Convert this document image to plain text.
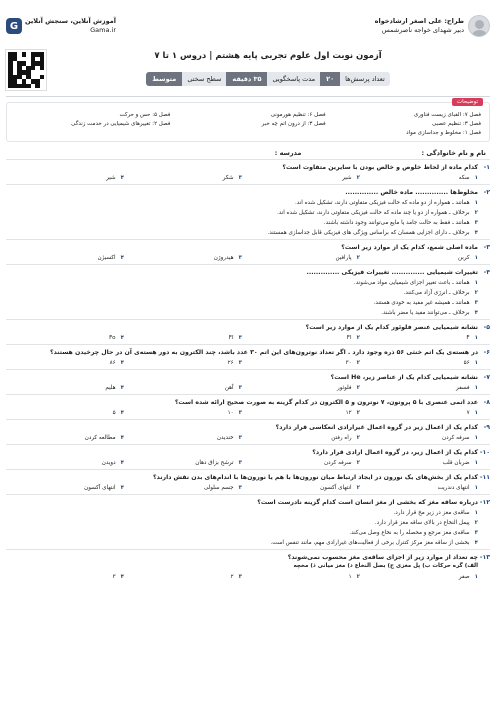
طراح: علی اصغر ارشادخواه
دبیر شهدای خواجه ناصرشمس
G	آموزش آنلاین، سنجش آنلاین
Gama.ir
آزمون نوبت اول علوم تجربی پایه هشتم | دروس ۱ تا ۷
تعداد پرسش‌ها
۲۰
مدت پاسخگویی
۳۵ دقیقه
سطح سختی
متوسط
توضیحات
فصل ۷: الفبای زیست فناوری
فصل ۶: تنظیم هورمونی
فصل ۵: حس و حرکت
فصل ۳: تنظیم عصبی
فصل ۳: از درون اتم چه خبر
فصل ۲: تغییرهای شیمیایی در خدمت زندگی
فصل ۱: مخلوط و جداسازی مواد
نام و نام خانوادگی :
مدرسه :
۱-
کدام ماده از لحاظ خلوص و خالص بودن با سایرین متفاوت است؟
۱
سکه
۲
شیر
۳
شکر
۴
شیر
۲-
مخلوط‌ها .............. ماده خالص ..............
۱
همانند ـ همواره از دو ماده که حالت فیزیکی متفاوتی دارند، تشکیل شده اند.
۲
برخلاف ـ همواره از دو یا چند ماده که حالت فیزیکی متفاوتی دارند، تشکیل شده اند.
۳
همانند ـ فقط به حالت جامد یا مایع می‌توانند وجود داشته باشند.
۴
برخلاف ـ دارای اجزایی همسان که براساس ویژگی های فیزیکی قابل جداسازی همستند.
۳-
ماده اصلی شمع، کدام یک از موارد زیر است؟
۱
کربن
۲
پارافین
۳
هیدروژن
۴
اکسیژن
۴-
تغییرات شیمیایی .............. تغییرات فیزیکی ..............
۱
همانند ـ باعث تغییر اجزای شیمیایی مواد می‌شوند.
۲
برخلاف ـ انرژی آزاد می‌کنند.
۳
همانند ـ همیشه غیر مفید به خودی هستند.
۴
برخلاف ـ می‌توانند مفید یا مضر باشند.
۵-
نشانه شیمیایی عنصر فلوئور کدام یک از موارد زیر است؟
۱
F
۲
Fl
۳
Fl
۴
Fo
۶-
در هسته‌ی یک اتم خنثی ۵۶ ذره وجود دارد . اگر تعداد نوترون‌های این اتم ۳۰ عدد باشد، چند الکترون به دور هسته‌ی آن در حال چرخیدن هستند؟
۱
۵۶
۲
۳۰
۳
۲۶
۴
۸۶
۷-
نشانه شیمیایی کدام یک از عناصر زیر، He است؟
۱
فسفر
۲
فلوئور
۳
آهن
۴
هلیم
۸-
عدد اتمی عنصری با ۵ پروتون، ۷ نوترون و ۵ الکترون در کدام گزینه به صورت صحیح ارائه شده است؟
۱
۷
۲
۱۲
۳
۱۰
۴
۵
۹-
کدام یک از اعمال زیر در گروه اعمال غیرارادی انعکاسی قرار دارد؟
۱
سرفه کردن
۲
راه رفتن
۳
خندیدن
۴
مطالعه کردن
۱۰-
کدام یک از اعمال زیر، در گروه اعمال ارادی قرار دارد؟
۱
ضربان قلب
۲
سرفه کردن
۳
ترشح بزاق دهان
۴
دویدن
۱۱-
کدام یک از بخش‌های یک نورون در ایجاد ارتباط میان نورون‌ها با هم یا نورون‌ها با اندام‌های بدن نقش دارند؟
۱
انتهای دندریت
۲
انتهای آکسون
۳
جسم سلولی
۴
انتهای آکسون
۱۲-
درباره ساقه مغز که بخشی از مغز انسان است کدام گزینه نادرست است؟
۱
ساقه‌ی مغز در زیر مخ قرار دارد.
۲
پیمل النخاع در بالای ساقه مغز قرار دارد.
۳
ساقه‌ی مغز مرجع و محصله را به نخاع وصل می‌کند.
۴
بخشی از ساقه مغز مرکز کنترل برخی از فعالیت‌های غیرارادی مهم، مانند تنفس است.
۱۳-
چه تعداد از موارد زیر از اجزای ساقه‌ی مغز محسوب نمی‌شوند؟
الف) گره حرکات ب) پل مغزی ج) بصل النخاع د) مغز میانی ذ) مخچه
۱
صفر
۲
۱
۳
۲
۴
۳
